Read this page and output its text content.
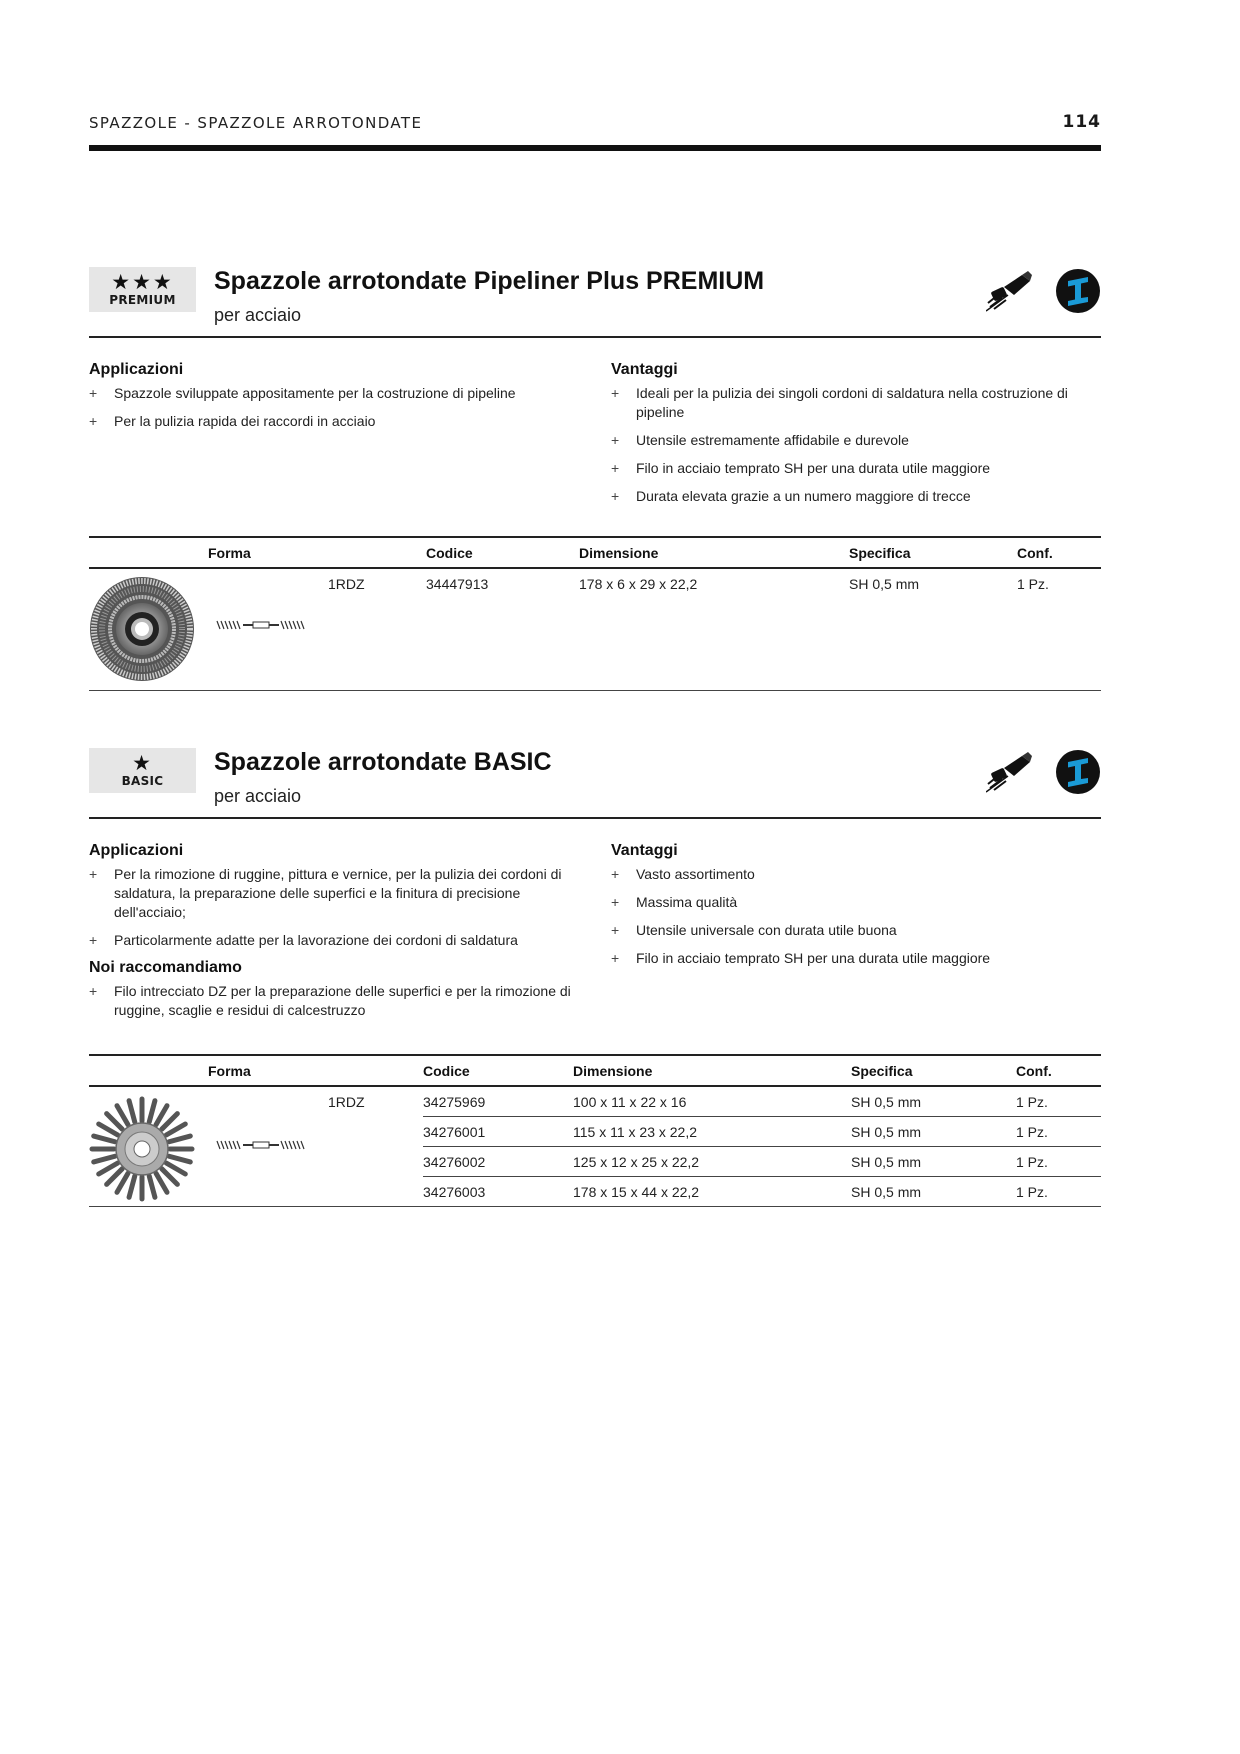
SPAZZOLE - SPAZZOLE ARROTONDATE	114
★★★
PREMIUM
Spazzole arrotondate Pipeliner Plus PREMIUM
per acciaio
Applicazioni
+ Spazzole sviluppate appositamente per la costruzione di pipeline
+ Per la pulizia rapida dei raccordi in acciaio
Vantaggi
+ Ideali per la pulizia dei singoli cordoni di saldatura nella costruzione di pipeline
+ Utensile estremamente affidabile e durevole
+ Filo in acciaio temprato SH per una durata utile maggiore
+ Durata elevata grazie a un numero maggiore di trecce
	Forma		Codice	Dimensione	Specifica	Conf.
		1RDZ	34447913	178 x 6 x 29 x 22,2	SH 0,5 mm	1 Pz.
★
BASIC
Spazzole arrotondate BASIC
per acciaio
Applicazioni
+ Per la rimozione di ruggine, pittura e vernice, per la pulizia dei cordoni di saldatura, la preparazione delle superfici e la finitura di precisione dell'acciaio;
+ Particolarmente adatte per la lavorazione dei cordoni di saldatura
Noi raccomandiamo
+ Filo intrecciato DZ per la preparazione delle superfici e per la rimozione di ruggine, scaglie e residui di calcestruzzo
Vantaggi
+ Vasto assortimento
+ Massima qualità
+ Utensile universale con durata utile buona
+ Filo in acciaio temprato SH per una durata utile maggiore
	Forma		Codice	Dimensione	Specifica	Conf.
		1RDZ	34275969	100 x 11 x 22 x 16	SH 0,5 mm	1 Pz.
			34276001	115 x 11 x 23 x 22,2	SH 0,5 mm	1 Pz.
			34276002	125 x 12 x 25 x 22,2	SH 0,5 mm	1 Pz.
			34276003	178 x 15 x 44 x 22,2	SH 0,5 mm	1 Pz.
